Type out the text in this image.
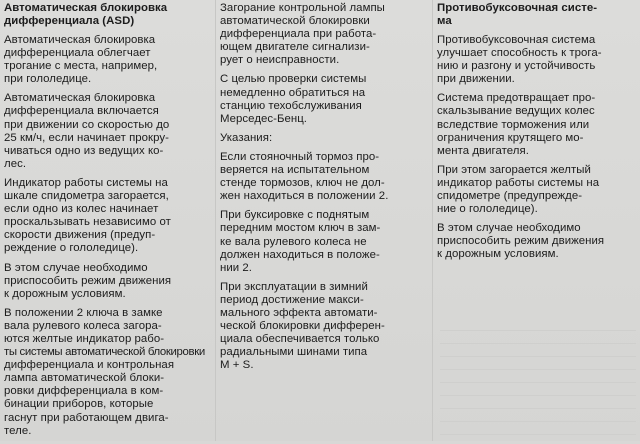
Автоматическая блокировка
дифференциала (ASD)
Автоматическая блокировка
дифференциала облегчает
трогание с места, например,
при гололедице.
Автоматическая блокировка
дифференциала включается
при движении со скоростью до
25 км/ч, если начинает прокру-
чиваться одно из ведущих ко-
лес.
Индикатор работы системы на
шкале спидометра загорается,
если одно из колес начинает
проскальзывать независимо от
скорости движения (предуп-
реждение о гололедице).
В этом случае необходимо
приспособить режим движения
к дорожным условиям.
В положении 2 ключа в замке
вала рулевого колеса загора-
ются желтые индикатор рабо-
ты системы автоматической блокировки
дифференциала и контрольная
лампа автоматической блоки-
ровки дифференциала в ком-
бинации приборов, которые
гаснут при работающем двига-
теле.
Загорание контрольной лампы
автоматической блокировки
дифференциала при работа-
ющем двигателе сигнализи-
рует о неисправности.
С целью проверки системы
немедленно обратиться на
станцию техобслуживания
Мерседес-Бенц.
Указания:
Если стояночный тормоз про-
веряется на испытательном
стенде тормозов, ключ не дол-
жен находиться в положении 2.
При буксировке с поднятым
передним мостом ключ в зам-
ке вала рулевого колеса не
должен находиться в положе-
нии 2.
При эксплуатации в зимний
период достижение макси-
мального эффекта автомати-
ческой блокировки дифферен-
циала обеспечивается только
радиальными шинами типа
M + S.
Противобуксовочная систе-
ма
Противобуксовочная система
улучшает способность к трога-
нию и разгону и устойчивость
при движении.
Система предотвращает про-
скальзывание ведущих колес
вследствие торможения или
ограничения крутящего мо-
мента двигателя.
При этом загорается желтый
индикатор работы системы на
спидометре (предупрежде-
ние о гололедице).
В этом случае необходимо
приспособить режим движения
к дорожным условиям.
